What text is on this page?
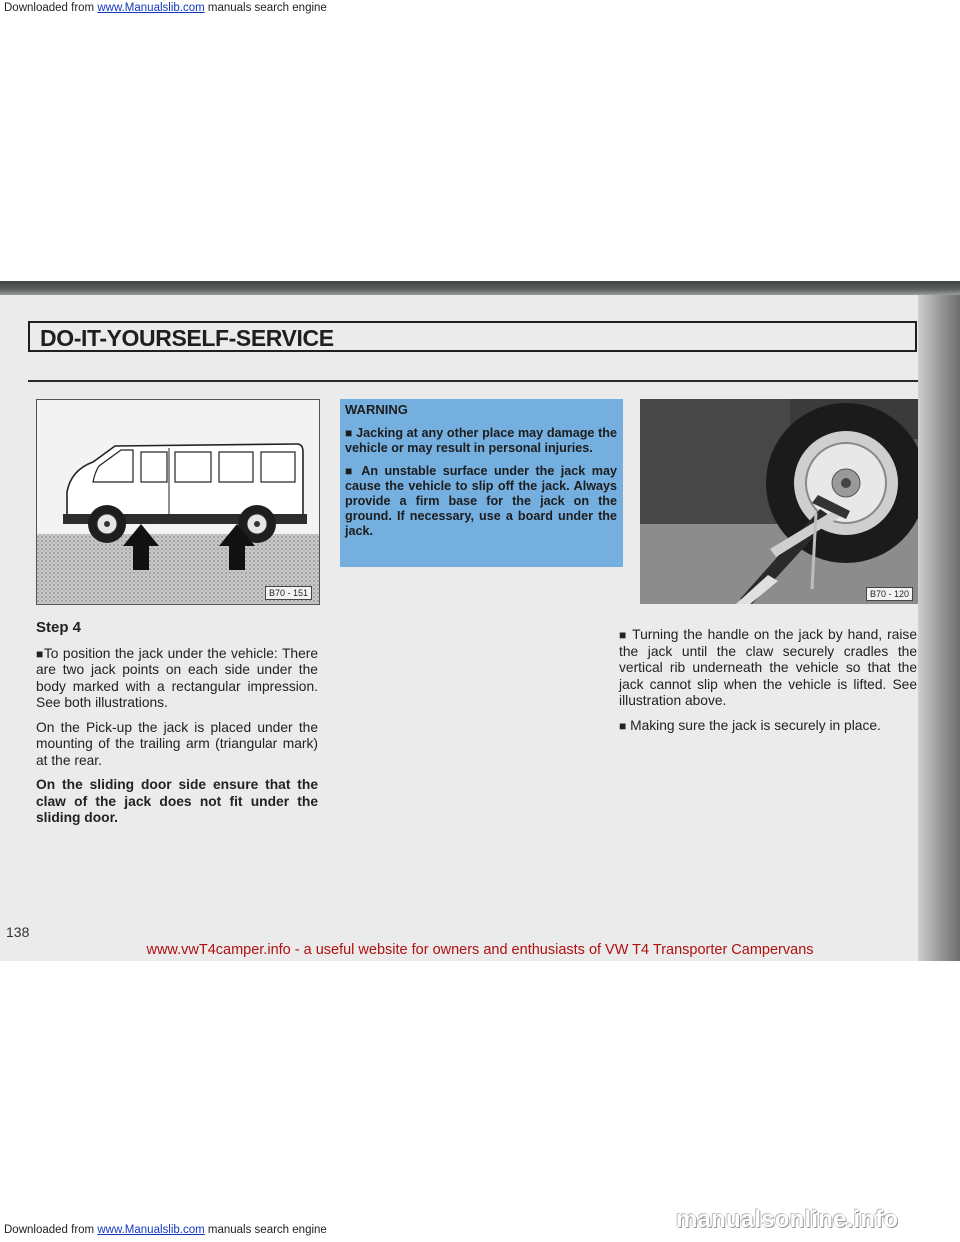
Downloaded from www.Manualslib.com manuals search engine
DO-IT-YOURSELF-SERVICE
B70 - 151
WARNING

■ Jacking at any other place may damage the vehicle or may result in personal injuries.

■ An unstable surface under the jack may cause the vehicle to slip off the jack. Always provide a firm base for the jack on the ground. If necessary, use a board under the jack.

B70 - 120
Step 4

■To position the jack under the vehicle: There are two jack points on each side under the body marked with a rectangular impression. See both illustrations.

On the Pick-up the jack is placed under the mounting of the trailing arm (triangular mark) at the rear.

On the sliding door side ensure that the claw of the jack does not fit under the sliding door.

■ Turning the handle on the jack by hand, raise the jack until the claw securely cradles the vertical rib underneath the vehicle so that the jack cannot slip when the vehicle is lifted. See illustration above.

■ Making sure the jack is securely in place.

138
www.vwT4camper.info - a useful website for owners and enthusiasts of VW T4 Transporter Campervans
manualsonline.info
Downloaded from www.Manualslib.com manuals search engine
